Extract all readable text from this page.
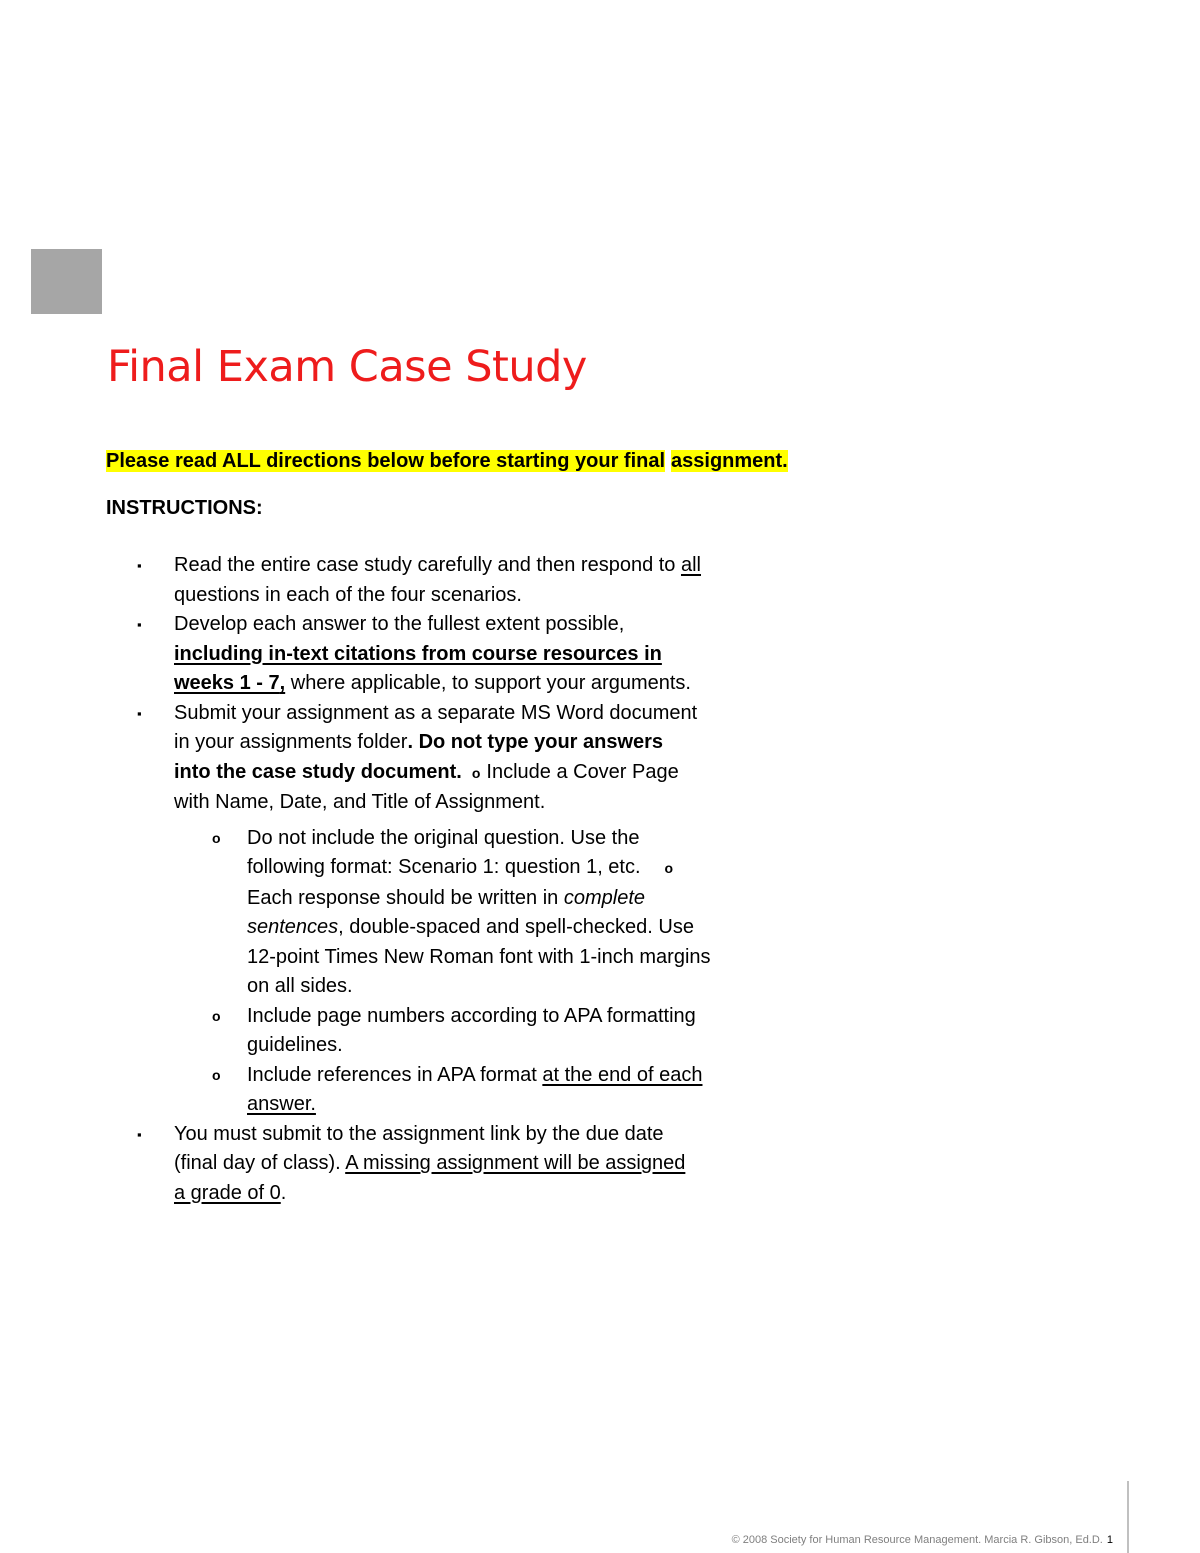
Final Exam Case Study
Please read ALL directions below before starting your final assignment.
INSTRUCTIONS:
▪ Read the entire case study carefully and then respond to all
questions in each of the four scenarios.
▪ Develop each answer to the fullest extent possible,
including in-text citations from course resources in
weeks 1 - 7, where applicable, to support your arguments.
▪ Submit your assignment as a separate MS Word document
in your assignments folder. Do not type your answers
into the case study document. o Include a Cover Page
with Name, Date, and Title of Assignment.
o Do not include the original question. Use the
following format: Scenario 1: question 1, etc. o
Each response should be written in complete
sentences, double-spaced and spell-checked. Use
12-point Times New Roman font with 1-inch margins
on all sides.
o Include page numbers according to APA formatting
guidelines.
o Include references in APA format at the end of each
answer.
▪ You must submit to the assignment link by the due date
(final day of class). A missing assignment will be assigned
a grade of 0.
© 2008 Society for Human Resource Management. Marcia R. Gibson, Ed.D. 1
